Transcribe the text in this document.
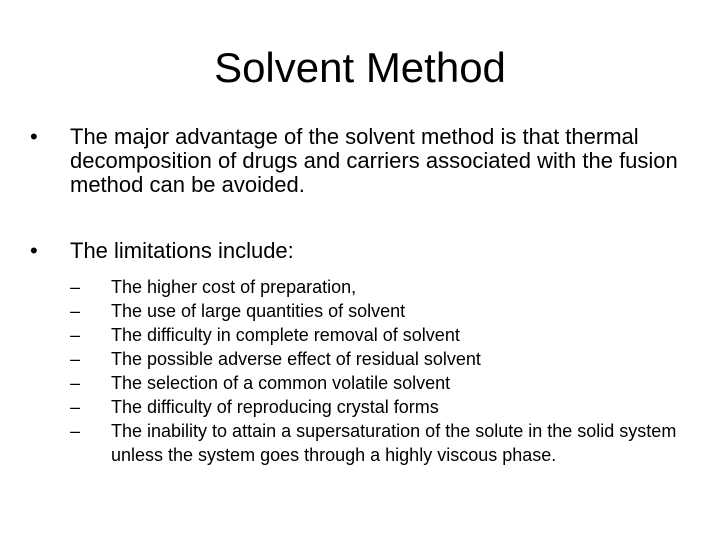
Solvent Method
•	The major advantage of the solvent method is that thermal decomposition of drugs and carriers associated with the fusion method can be avoided.
•	The limitations include:
–	The higher cost of preparation,
–	The use of large quantities of solvent
–	The difficulty in complete removal of solvent
–	The possible adverse effect of residual solvent
–	The selection of a common volatile solvent
–	The difficulty of reproducing crystal forms
–	The inability to attain a supersaturation of the solute in the solid system unless the system goes through a highly viscous phase.
